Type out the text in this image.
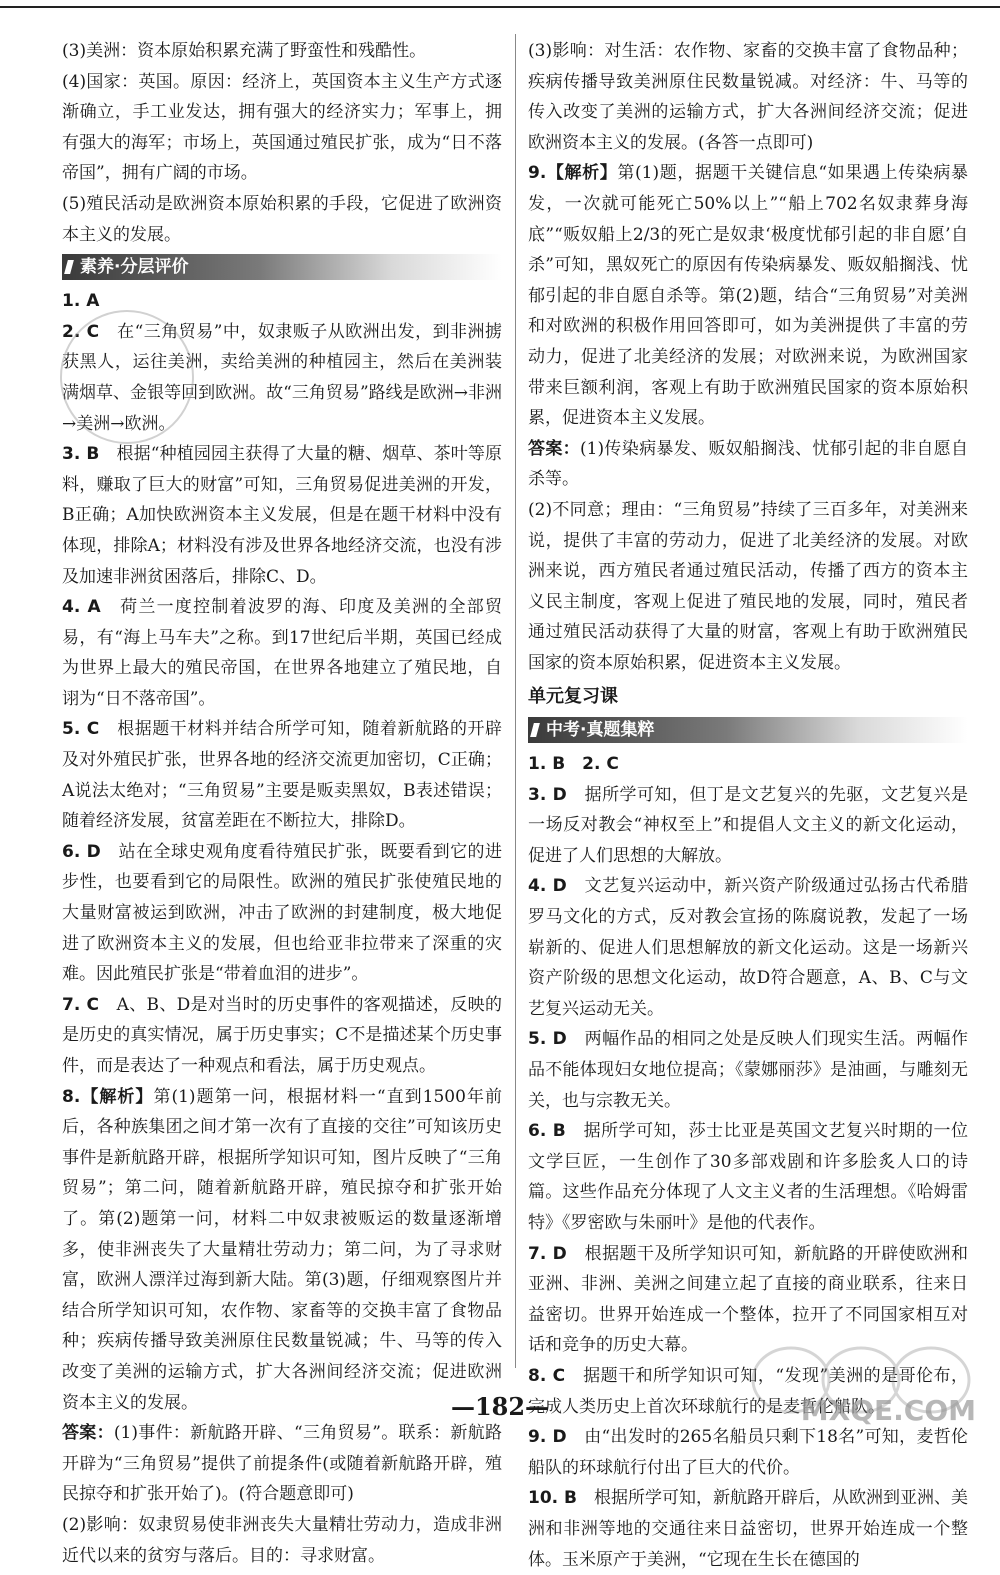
(3)美洲：资本原始积累充满了野蛮性和残酷性。

(4)国家：英国。原因：经济上，英国资本主义生产方式逐渐确立，手工业发达，拥有强大的经济实力；军事上，拥有强大的海军；市场上，英国通过殖民扩张，成为“日不落帝国”，拥有广阔的市场。

(5)殖民活动是欧洲资本原始积累的手段，它促进了欧洲资本主义的发展。

素养·分层评价

1. A

2. C　 在“三角贸易”中，奴隶贩子从欧洲出发，到非洲掳获黑人，运往美洲，卖给美洲的种植园主，然后在美洲装满烟草、金银等回到欧洲。故“三角贸易”路线是欧洲→非洲→美洲→欧洲。

3. B　 根据“种植园园主获得了大量的糖、烟草、茶叶等原料，赚取了巨大的财富”可知，三角贸易促进美洲的开发，B正确；A加快欧洲资本主义发展，但是在题干材料中没有体现，排除A；材料没有涉及世界各地经济交流，也没有涉及加速非洲贫困落后，排除C、D。

4. A　 荷兰一度控制着波罗的海、印度及美洲的全部贸易，有“海上马车夫”之称。到17世纪后半期，英国已经成为世界上最大的殖民帝国，在世界各地建立了殖民地，自诩为“日不落帝国”。

5. C　 根据题干材料并结合所学可知，随着新航路的开辟及对外殖民扩张，世界各地的经济交流更加密切，C正确；A说法太绝对；“三角贸易”主要是贩卖黑奴，B表述错误；随着经济发展，贫富差距在不断拉大，排除D。

6. D　 站在全球史观角度看待殖民扩张，既要看到它的进步性，也要看到它的局限性。欧洲的殖民扩张使殖民地的大量财富被运到欧洲，冲击了欧洲的封建制度，极大地促进了欧洲资本主义的发展，但也给亚非拉带来了深重的灾难。因此殖民扩张是“带着血泪的进步”。

7. C　 A、B、D是对当时的历史事件的客观描述，反映的是历史的真实情况，属于历史事实；C不是描述某个历史事件，而是表达了一种观点和看法，属于历史观点。

8.【解析】第(1)题第一问，根据材料一“直到1500年前后，各种族集团之间才第一次有了直接的交往”可知该历史事件是新航路开辟，根据所学知识可知，图片反映了“三角贸易”；第二问，随着新航路开辟，殖民掠夺和扩张开始了。第(2)题第一问，材料二中奴隶被贩运的数量逐渐增多，使非洲丧失了大量精壮劳动力；第二问，为了寻求财富，欧洲人漂洋过海到新大陆。第(3)题，仔细观察图片并结合所学知识可知，农作物、家畜等的交换丰富了食物品种；疾病传播导致美洲原住民数量锐减；牛、马等的传入改变了美洲的运输方式，扩大各洲间经济交流；促进欧洲资本主义的发展。

答案：(1)事件：新航路开辟、“三角贸易”。联系：新航路开辟为“三角贸易”提供了前提条件(或随着新航路开辟，殖民掠夺和扩张开始了)。(符合题意即可)

(2)影响：奴隶贸易使非洲丧失大量精壮劳动力，造成非洲近代以来的贫穷与落后。目的：寻求财富。

(3)影响：对生活：农作物、家畜的交换丰富了食物品种；疾病传播导致美洲原住民数量锐减。对经济：牛、马等的传入改变了美洲的运输方式，扩大各洲间经济交流；促进欧洲资本主义的发展。(各答一点即可)

9.【解析】第(1)题，据题干关键信息“如果遇上传染病暴发，一次就可能死亡50%以上”“船上702名奴隶葬身海底”“贩奴船上2/3的死亡是奴隶‘极度忧郁引起的非自愿’自杀”可知，黑奴死亡的原因有传染病暴发、贩奴船搁浅、忧郁引起的非自愿自杀等。第(2)题，结合“三角贸易”对美洲和对欧洲的积极作用回答即可，如为美洲提供了丰富的劳动力，促进了北美经济的发展；对欧洲来说，为欧洲国家带来巨额利润，客观上有助于欧洲殖民国家的资本原始积累，促进资本主义发展。

答案：(1)传染病暴发、贩奴船搁浅、忧郁引起的非自愿自杀等。

(2)不同意；理由：“三角贸易”持续了三百多年，对美洲来说，提供了丰富的劳动力，促进了北美经济的发展。对欧洲来说，西方殖民者通过殖民活动，传播了西方的资本主义民主制度，客观上促进了殖民地的发展，同时，殖民者通过殖民活动获得了大量的财富，客观上有助于欧洲殖民国家的资本原始积累，促进资本主义发展。

单元复习课
中考·真题集粹

1. B　2. C

3. D　 据所学可知，但丁是文艺复兴的先驱，文艺复兴是一场反对教会“神权至上”和提倡人文主义的新文化运动，促进了人们思想的大解放。

4. D　 文艺复兴运动中，新兴资产阶级通过弘扬古代希腊罗马文化的方式，反对教会宣扬的陈腐说教，发起了一场崭新的、促进人们思想解放的新文化运动。这是一场新兴资产阶级的思想文化运动，故D符合题意，A、B、C与文艺复兴运动无关。

5. D　 两幅作品的相同之处是反映人们现实生活。两幅作品不能体现妇女地位提高；《蒙娜丽莎》是油画，与雕刻无关，也与宗教无关。

6. B　 据所学可知，莎士比亚是英国文艺复兴时期的一位文学巨匠，一生创作了30多部戏剧和许多脍炙人口的诗篇。这些作品充分体现了人文主义者的生活理想。《哈姆雷特》《罗密欧与朱丽叶》是他的代表作。

7. D　 根据题干及所学知识可知，新航路的开辟使欧洲和亚洲、非洲、美洲之间建立起了直接的商业联系，往来日益密切。世界开始连成一个整体，拉开了不同国家相互对话和竞争的历史大幕。

8. C　 据题干和所学知识可知，“发现”美洲的是哥伦布，完成人类历史上首次环球航行的是麦哲伦船队。

9. D　 由“出发时的265名船员只剩下18名”可知，麦哲伦船队的环球航行付出了巨大的代价。

10. B　 根据所学可知，新航路开辟后，从欧洲到亚洲、美洲和非洲等地的交通往来日益密切，世界开始连成一个整体。玉米原产于美洲，“它现在生长在德国的

MXQE.COM
—182—
